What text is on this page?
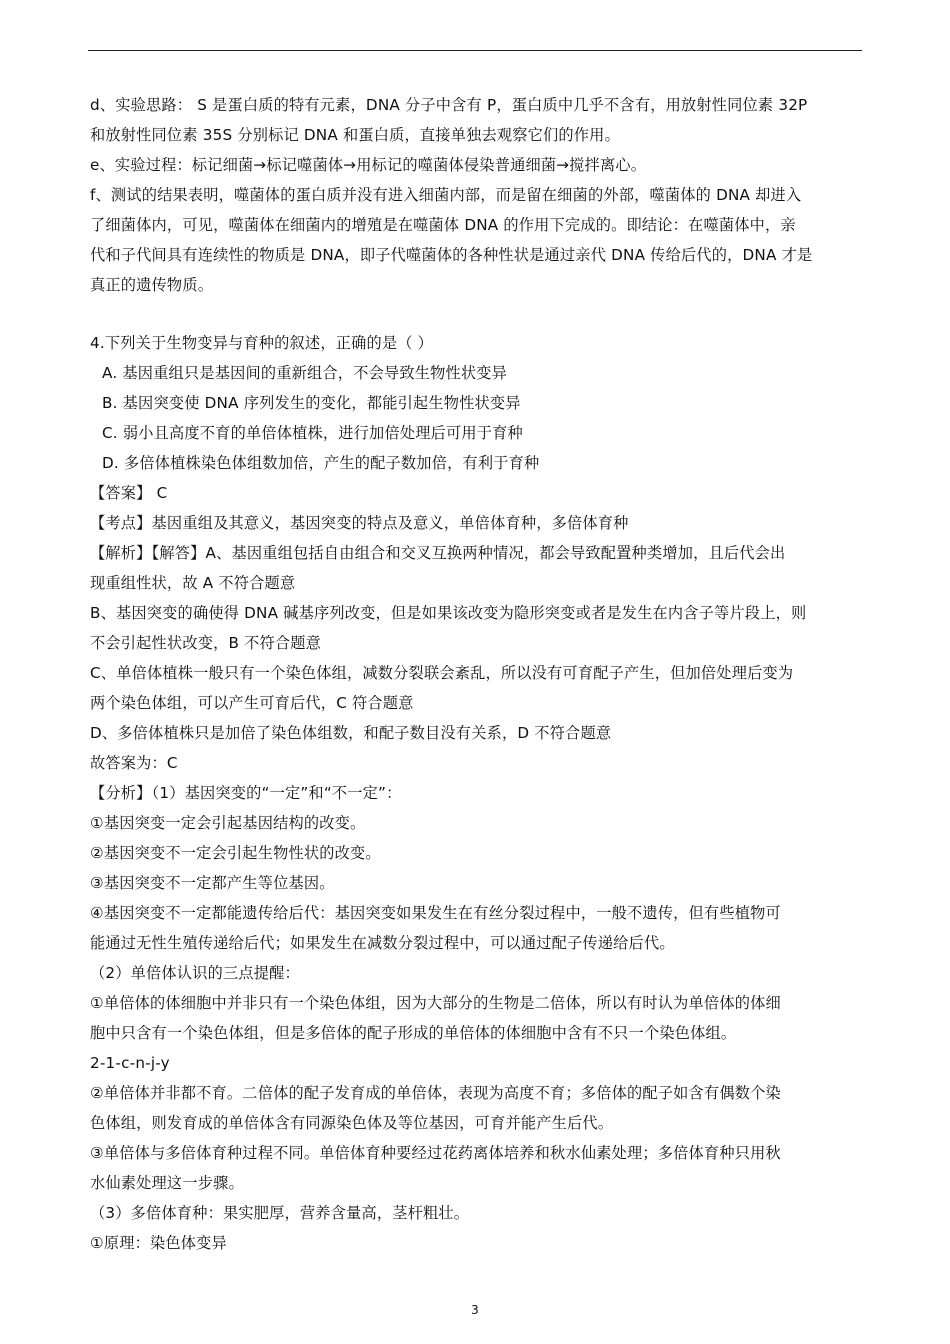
d、实验思路： S 是蛋白质的特有元素，DNA 分子中含有 P，蛋白质中几乎不含有，用放射性同位素 32P
和放射性同位素 35S 分别标记 DNA 和蛋白质，直接单独去观察它们的作用。
e、实验过程：标记细菌→标记噬菌体→用标记的噬菌体侵染普通细菌→搅拌离心。
f、测试的结果表明，噬菌体的蛋白质并没有进入细菌内部，而是留在细菌的外部，噬菌体的 DNA 却进入
了细菌体内，可见，噬菌体在细菌内的增殖是在噬菌体 DNA 的作用下完成的。即结论：在噬菌体中，亲
代和子代间具有连续性的物质是 DNA，即子代噬菌体的各种性状是通过亲代 DNA 传给后代的，DNA 才是
真正的遗传物质。
4.下列关于生物变异与育种的叙述，正确的是（ ）
A. 基因重组只是基因间的重新组合，不会导致生物性状变异
B. 基因突变使 DNA 序列发生的变化，都能引起生物性状变异
C. 弱小且高度不育的单倍体植株，进行加倍处理后可用于育种
D. 多倍体植株染色体组数加倍，产生的配子数加倍，有利于育种
【答案】 C
【考点】基因重组及其意义，基因突变的特点及意义，单倍体育种，多倍体育种
【解析】【解答】A、基因重组包括自由组合和交叉互换两种情况，都会导致配置种类增加，且后代会出
现重组性状，故 A 不符合题意
B、基因突变的确使得 DNA 碱基序列改变，但是如果该改变为隐形突变或者是发生在内含子等片段上，则
不会引起性状改变，B 不符合题意
C、单倍体植株一般只有一个染色体组，减数分裂联会紊乱，所以没有可育配子产生，但加倍处理后变为
两个染色体组，可以产生可育后代，C 符合题意
D、多倍体植株只是加倍了染色体组数，和配子数目没有关系，D 不符合题意
故答案为：C
【分析】（1）基因突变的“一定”和“不一定”：
①基因突变一定会引起基因结构的改变。
②基因突变不一定会引起生物性状的改变。
③基因突变不一定都产生等位基因。
④基因突变不一定都能遗传给后代：基因突变如果发生在有丝分裂过程中，一般不遗传，但有些植物可
能通过无性生殖传递给后代；如果发生在减数分裂过程中，可以通过配子传递给后代。
（2）单倍体认识的三点提醒：
①单倍体的体细胞中并非只有一个染色体组，因为大部分的生物是二倍体，所以有时认为单倍体的体细
胞中只含有一个染色体组，但是多倍体的配子形成的单倍体的体细胞中含有不只一个染色体组。
2-1-c-n-j-y
②单倍体并非都不育。二倍体的配子发育成的单倍体，表现为高度不育；多倍体的配子如含有偶数个染
色体组，则发育成的单倍体含有同源染色体及等位基因，可育并能产生后代。
③单倍体与多倍体育种过程不同。单倍体育种要经过花药离体培养和秋水仙素处理；多倍体育种只用秋
水仙素处理这一步骤。
（3）多倍体育种：果实肥厚，营养含量高，茎杆粗壮。
①原理：染色体变异
3
